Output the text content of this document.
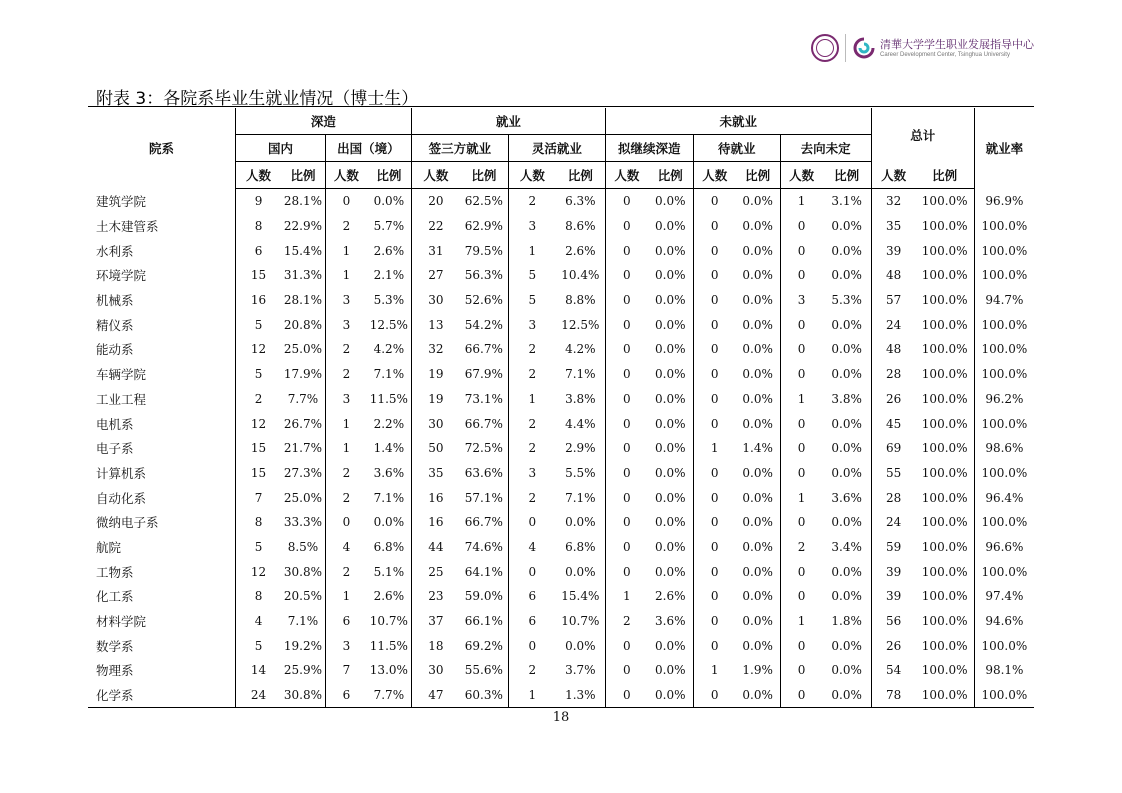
清華大学学生职业发展指导中心
Career Development Center, Tsinghua University
附表 3：各院系毕业生就业情况（博士生）
院系	深造				就业				未就业						总计		就业率
	国内		出国（境）		签三方就业		灵活就业		拟继续深造		待就业		去向未定				
	人数	比例	人数	比例	人数	比例	人数	比例	人数	比例	人数	比例	人数	比例	人数	比例	
建筑学院	9	28.1%	0	0.0%	20	62.5%	2	6.3%	0	0.0%	0	0.0%	1	3.1%	32	100.0%	96.9%
土木建管系	8	22.9%	2	5.7%	22	62.9%	3	8.6%	0	0.0%	0	0.0%	0	0.0%	35	100.0%	100.0%
水利系	6	15.4%	1	2.6%	31	79.5%	1	2.6%	0	0.0%	0	0.0%	0	0.0%	39	100.0%	100.0%
环境学院	15	31.3%	1	2.1%	27	56.3%	5	10.4%	0	0.0%	0	0.0%	0	0.0%	48	100.0%	100.0%
机械系	16	28.1%	3	5.3%	30	52.6%	5	8.8%	0	0.0%	0	0.0%	3	5.3%	57	100.0%	94.7%
精仪系	5	20.8%	3	12.5%	13	54.2%	3	12.5%	0	0.0%	0	0.0%	0	0.0%	24	100.0%	100.0%
能动系	12	25.0%	2	4.2%	32	66.7%	2	4.2%	0	0.0%	0	0.0%	0	0.0%	48	100.0%	100.0%
车辆学院	5	17.9%	2	7.1%	19	67.9%	2	7.1%	0	0.0%	0	0.0%	0	0.0%	28	100.0%	100.0%
工业工程	2	7.7%	3	11.5%	19	73.1%	1	3.8%	0	0.0%	0	0.0%	1	3.8%	26	100.0%	96.2%
电机系	12	26.7%	1	2.2%	30	66.7%	2	4.4%	0	0.0%	0	0.0%	0	0.0%	45	100.0%	100.0%
电子系	15	21.7%	1	1.4%	50	72.5%	2	2.9%	0	0.0%	1	1.4%	0	0.0%	69	100.0%	98.6%
计算机系	15	27.3%	2	3.6%	35	63.6%	3	5.5%	0	0.0%	0	0.0%	0	0.0%	55	100.0%	100.0%
自动化系	7	25.0%	2	7.1%	16	57.1%	2	7.1%	0	0.0%	0	0.0%	1	3.6%	28	100.0%	96.4%
微纳电子系	8	33.3%	0	0.0%	16	66.7%	0	0.0%	0	0.0%	0	0.0%	0	0.0%	24	100.0%	100.0%
航院	5	8.5%	4	6.8%	44	74.6%	4	6.8%	0	0.0%	0	0.0%	2	3.4%	59	100.0%	96.6%
工物系	12	30.8%	2	5.1%	25	64.1%	0	0.0%	0	0.0%	0	0.0%	0	0.0%	39	100.0%	100.0%
化工系	8	20.5%	1	2.6%	23	59.0%	6	15.4%	1	2.6%	0	0.0%	0	0.0%	39	100.0%	97.4%
材料学院	4	7.1%	6	10.7%	37	66.1%	6	10.7%	2	3.6%	0	0.0%	1	1.8%	56	100.0%	94.6%
数学系	5	19.2%	3	11.5%	18	69.2%	0	0.0%	0	0.0%	0	0.0%	0	0.0%	26	100.0%	100.0%
物理系	14	25.9%	7	13.0%	30	55.6%	2	3.7%	0	0.0%	1	1.9%	0	0.0%	54	100.0%	98.1%
化学系	24	30.8%	6	7.7%	47	60.3%	1	1.3%	0	0.0%	0	0.0%	0	0.0%	78	100.0%	100.0%
18
